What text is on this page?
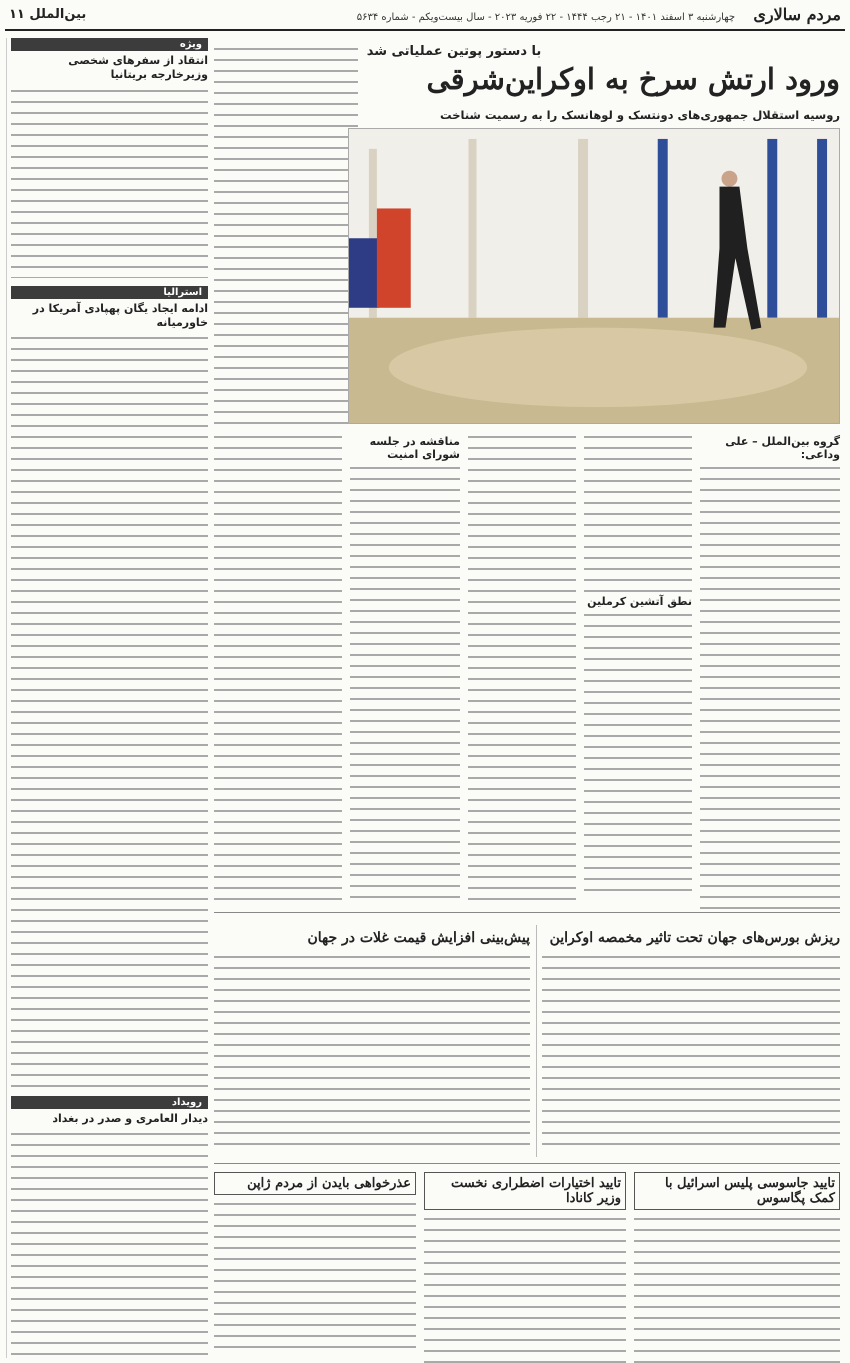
مردم سالاری
چهارشنبه ۳ اسفند ۱۴۰۱ - ۲۱ رجب ۱۴۴۴ - ۲۲ فوریه ۲۰۲۳ - سال بیست‌ویکم - شماره ۵۶۳۴
بین‌الملل ۱۱
ویژه
انتقاد از سفرهای شخصی وزیرخارجه بریتانیا
استرالیا
ادامه ایجاد یگان پهپادی آمریکا در خاورمیانه
رویداد
دیدار العامری و صدر در بغداد
با دستور پوتین عملیاتی شد
ورود ارتش سرخ به اوکراین‌شرقی
روسیه استقلال جمهوری‌های دونتسک و لوهانسک را به رسمیت شناخت
مناقشه در جلسه شورای امنیت
نطق آتشین کرملین
گروه بین‌الملل – علی وداعی:
ریزش بورس‌های جهان تحت تاثیر مخمصه اوکراین
پیش‌بینی افزایش قیمت غلات در جهان
تایید جاسوسی پلیس اسرائیل با کمک پگاسوس
تایید اختیارات اضطراری نخست وزیر کانادا
عذرخواهی بایدن از مردم ژاپن
